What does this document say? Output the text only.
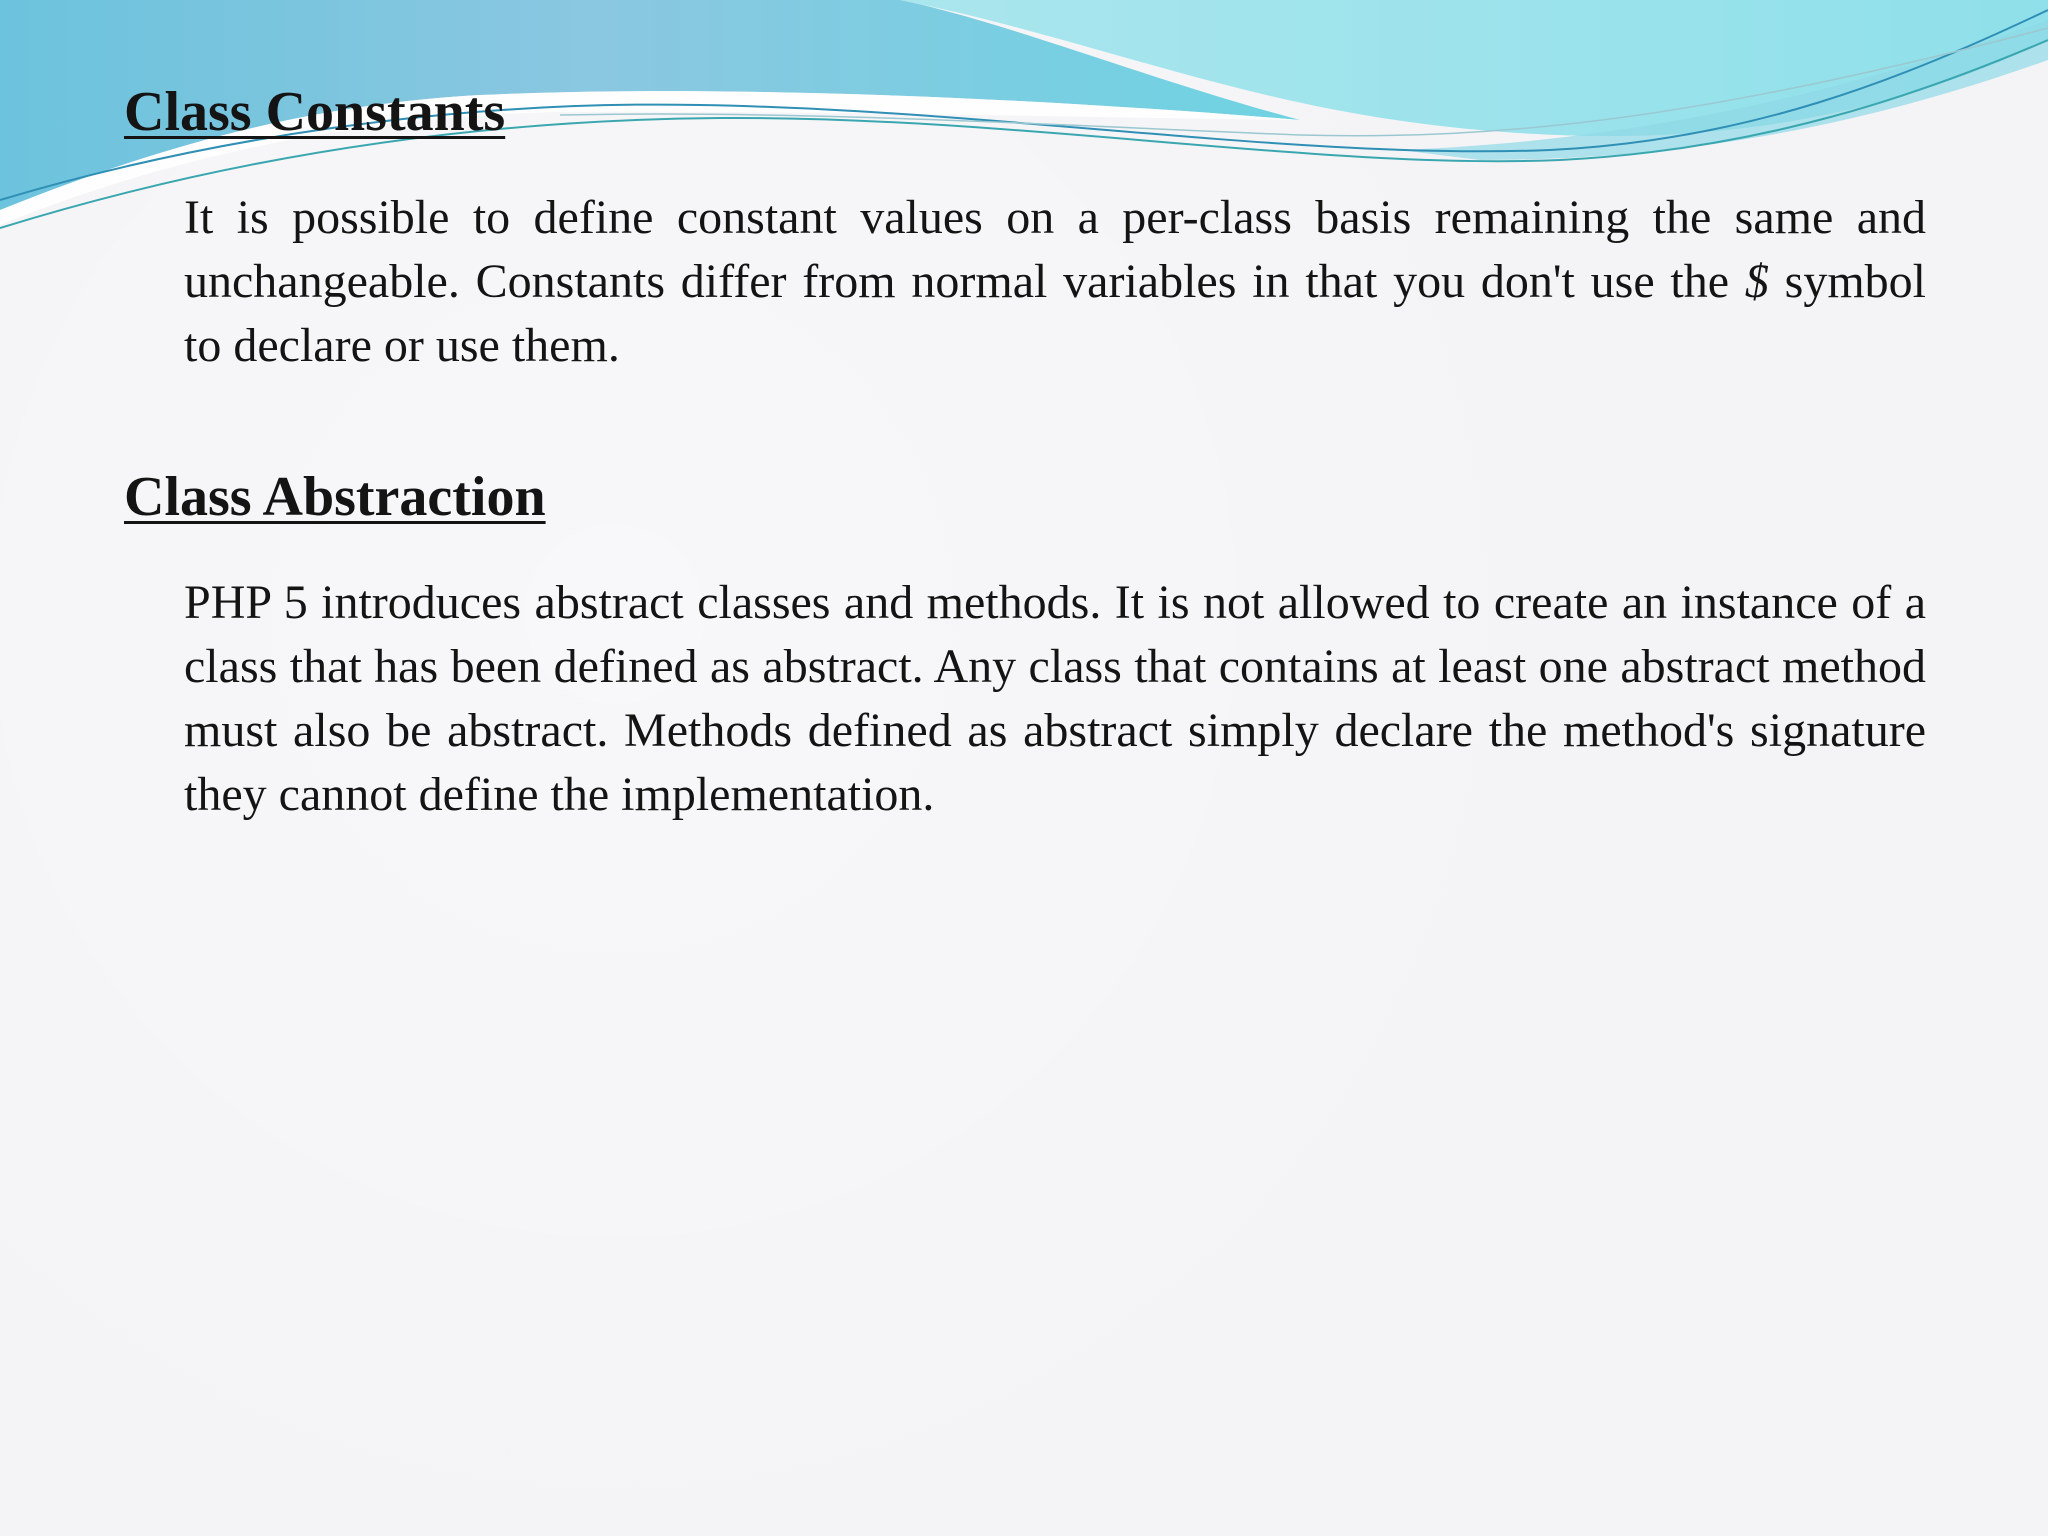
Class Constants

It is possible to define constant values on a per-class basis remaining the same and unchangeable. Constants differ from normal variables in that you don't use the $ symbol to declare or use them.

Class Abstraction

PHP 5 introduces abstract classes and methods. It is not allowed to create an instance of a class that has been defined as abstract. Any class that contains at least one abstract method must also be abstract. Methods defined as abstract simply declare the method's signature they cannot define the implementation.
